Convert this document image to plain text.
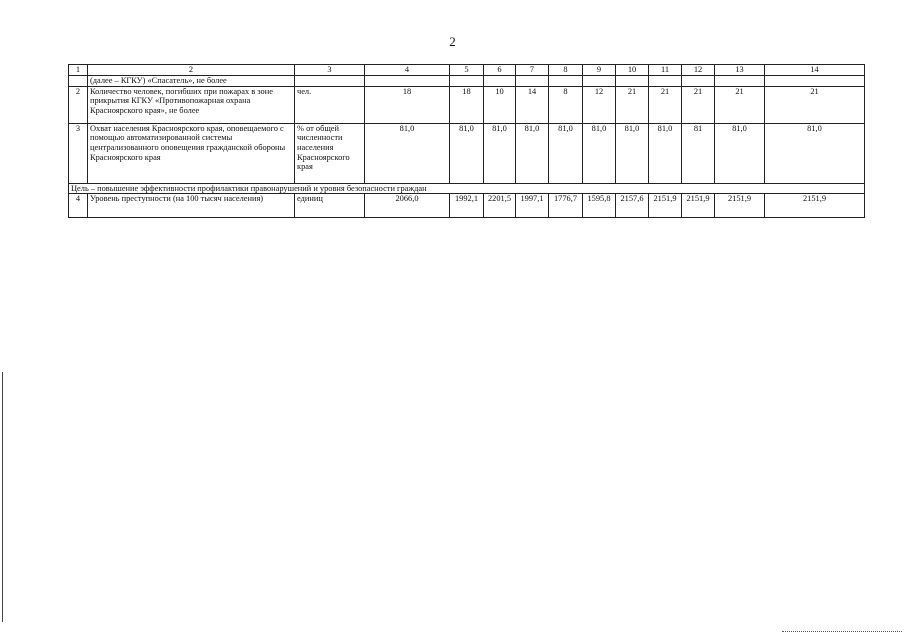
2
1	2	3	4	5	6	7	8	9	10	11	12	13	14
	(далее – КГКУ) «Спасатель», не более												
2	Количество человек, погибших при пожарах в зоне прикрытия КГКУ «Противопожарная охрана Красноярского края», не более	чел.	18	18	10	14	8	12	21	21	21	21	21
3	Охват населения Красноярского края, оповещаемого с помощью автоматизированной системы централизованного оповещения гражданской обороны Красноярского края	% от общей численности населения Красноярского края	81,0	81,0	81,0	81,0	81,0	81,0	81,0	81,0	81	81,0	81,0
Цель – повышение эффективности профилактики правонарушений и уровня безопасности граждан													
4	Уровень преступности (на 100 тысяч населения)	единиц	2066,0	1992,1	2201,5	1997,1	1776,7	1595,8	2157,6	2151,9	2151,9	2151,9	2151,9
